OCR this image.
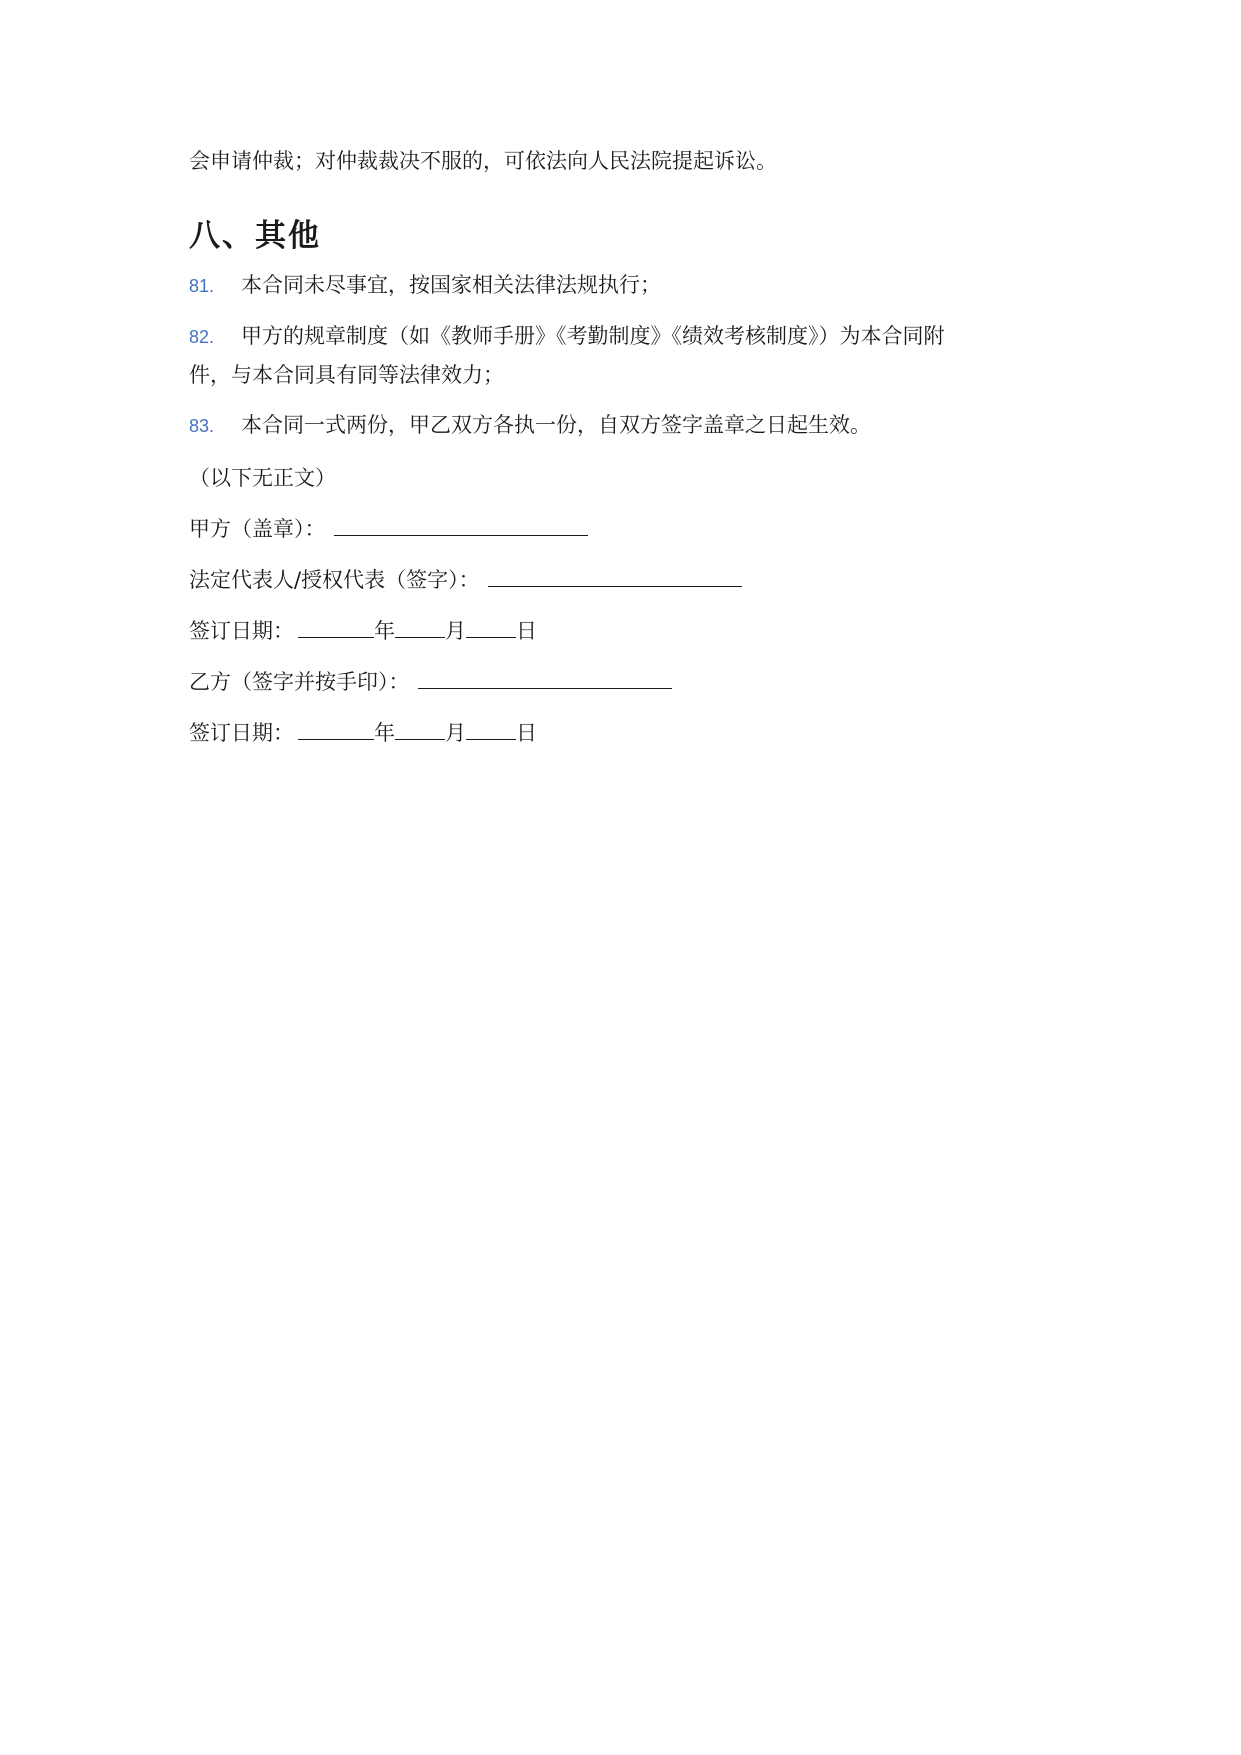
会申请仲裁；对仲裁裁决不服的，可依法向人民法院提起诉讼。

八、其他
81. 本合同未尽事宜，按国家相关法律法规执行；
82. 甲方的规章制度（如《教师手册》《考勤制度》《绩效考核制度》）为本合同附
件，与本合同具有同等法律效力；
83. 本合同一式两份，甲乙双方各执一份，自双方签字盖章之日起生效。

（以下无正文）

甲方（盖章）：

法定代表人/授权代表（签字）：

签订日期：	年 月 日

乙方（签字并按手印）：

签订日期：	年 月 日
